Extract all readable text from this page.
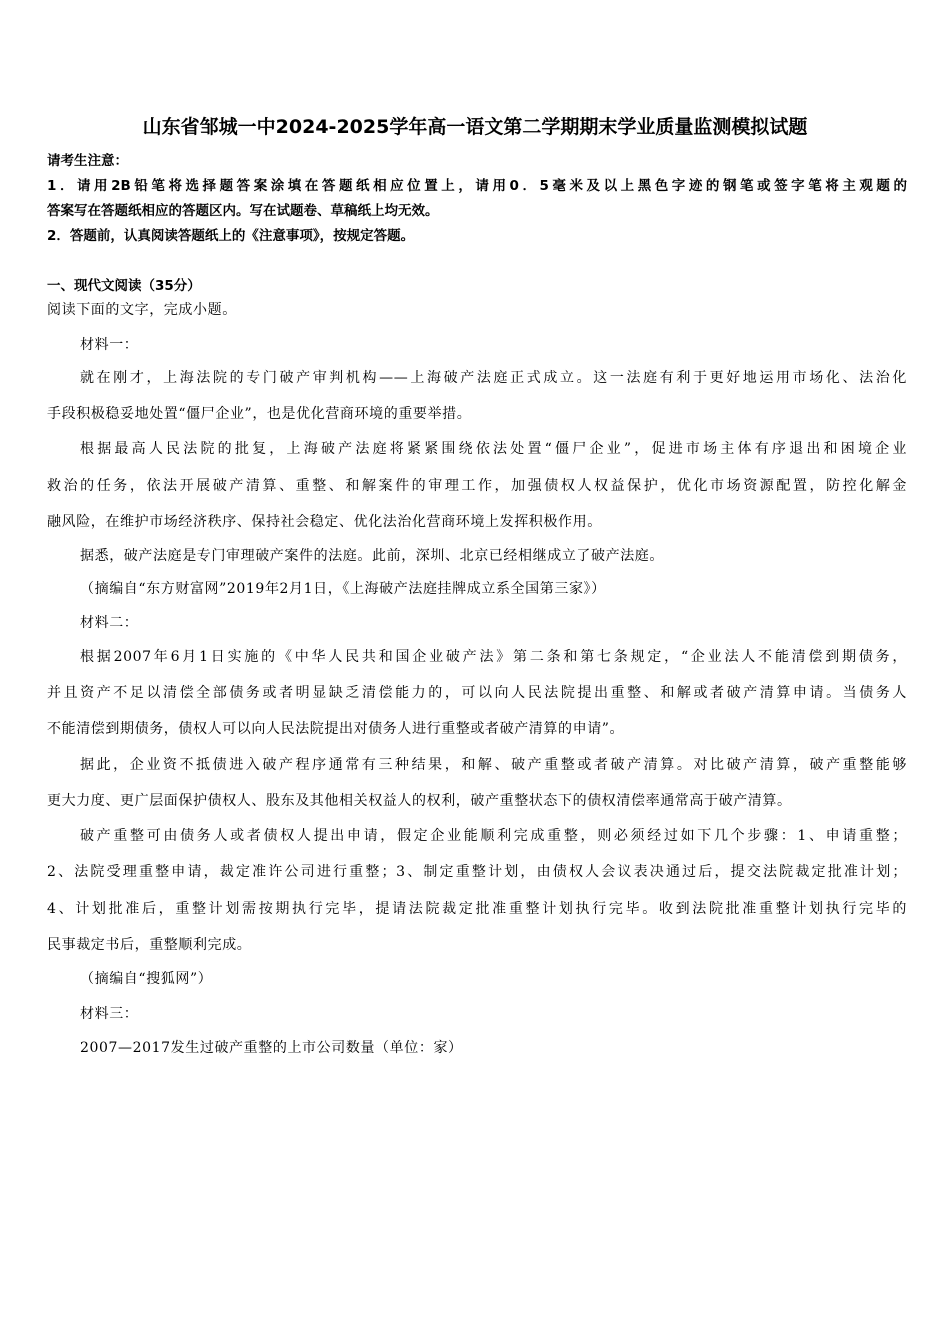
山东省邹城一中2024-2025学年高一语文第二学期期末学业质量监测模拟试题
请考生注意：
1．请用2B铅笔将选择题答案涂填在答题纸相应位置上，请用0．5毫米及以上黑色字迹的钢笔或签字笔将主观题的
答案写在答题纸相应的答题区内。写在试题卷、草稿纸上均无效。
2．答题前，认真阅读答题纸上的《注意事项》，按规定答题。
一、现代文阅读（35分）
阅读下面的文字，完成小题。
材料一：
就在刚才，上海法院的专门破产审判机构——上海破产法庭正式成立。这一法庭有利于更好地运用市场化、法治化
手段积极稳妥地处置“僵尸企业”，也是优化营商环境的重要举措。
根据最高人民法院的批复，上海破产法庭将紧紧围绕依法处置“僵尸企业”，促进市场主体有序退出和困境企业
救治的任务，依法开展破产清算、重整、和解案件的审理工作，加强债权人权益保护，优化市场资源配置，防控化解金
融风险，在维护市场经济秩序、保持社会稳定、优化法治化营商环境上发挥积极作用。
据悉，破产法庭是专门审理破产案件的法庭。此前，深圳、北京已经相继成立了破产法庭。
（摘编自“东方财富网”2019年2月1日，《上海破产法庭挂牌成立系全国第三家》）
材料二：
根据2007年6月1日实施的《中华人民共和国企业破产法》第二条和第七条规定，“企业法人不能清偿到期债务，
并且资产不足以清偿全部债务或者明显缺乏清偿能力的，可以向人民法院提出重整、和解或者破产清算申请。当债务人
不能清偿到期债务，债权人可以向人民法院提出对债务人进行重整或者破产清算的申请”。
据此，企业资不抵债进入破产程序通常有三种结果，和解、破产重整或者破产清算。对比破产清算，破产重整能够
更大力度、更广层面保护债权人、股东及其他相关权益人的权利，破产重整状态下的债权清偿率通常高于破产清算。
破产重整可由债务人或者债权人提出申请，假定企业能顺利完成重整，则必须经过如下几个步骤：1、申请重整；
2、法院受理重整申请，裁定准许公司进行重整；3、制定重整计划，由债权人会议表决通过后，提交法院裁定批准计划；
4、计划批准后，重整计划需按期执行完毕，提请法院裁定批准重整计划执行完毕。收到法院批准重整计划执行完毕的
民事裁定书后，重整顺利完成。
（摘编自“搜狐网”）
材料三：
2007—2017发生过破产重整的上市公司数量（单位：家）
